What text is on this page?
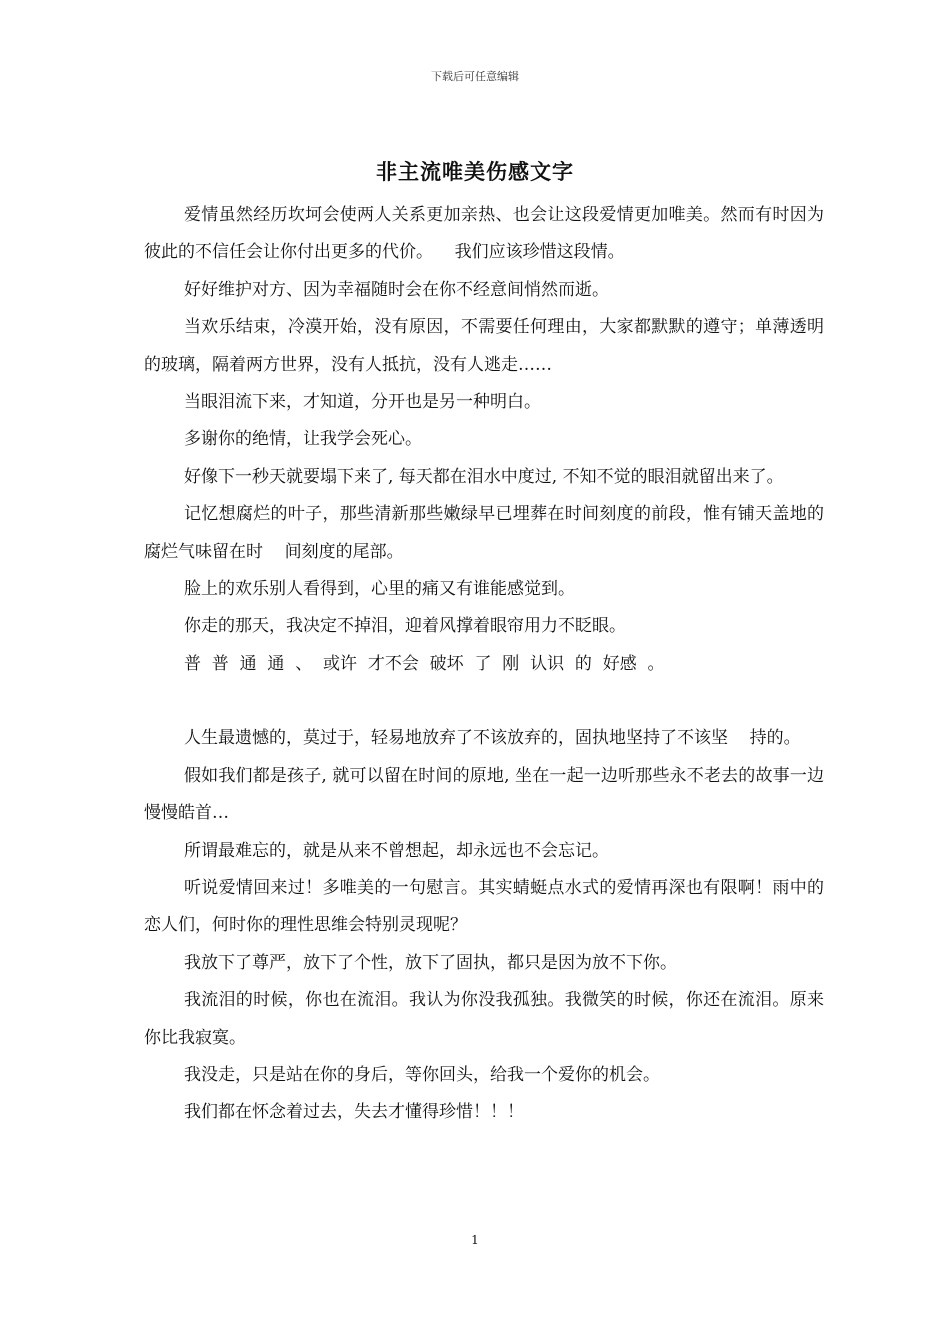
下载后可任意编辑
非主流唯美伤感文字

爱情虽然经历坎坷会使两人关系更加亲热、也会让这段爱情更加唯美。然而有时因为彼此的不信任会让你付出更多的代价。    我们应该珍惜这段情。

好好维护对方、因为幸福随时会在你不经意间悄然而逝。

当欢乐结束，冷漠开始，没有原因，不需要任何理由，大家都默默的遵守；单薄透明的玻璃，隔着两方世界，没有人抵抗，没有人逃走……

当眼泪流下来，才知道，分开也是另一种明白。

多谢你的绝情，让我学会死心。

好像下一秒天就要塌下来了, 每天都在泪水中度过, 不知不觉的眼泪就留出来了。

记忆想腐烂的叶子，那些清新那些嫩绿早已埋葬在时间刻度的前段，惟有铺天盖地的腐烂气味留在时    间刻度的尾部。

脸上的欢乐别人看得到，心里的痛又有谁能感觉到。

你走的那天，我决定不掉泪，迎着风撑着眼帘用力不眨眼。

普  普  通  通  、  或许  才不会  破坏  了  刚  认识  的  好感  。

人生最遗憾的，莫过于，轻易地放弃了不该放弃的，固执地坚持了不该坚    持的。

假如我们都是孩子, 就可以留在时间的原地, 坐在一起一边听那些永不老去的故事一边慢慢皓首…

所谓最难忘的，就是从来不曾想起，却永远也不会忘记。

听说爱情回来过！多唯美的一句慰言。其实蜻蜓点水式的爱情再深也有限啊！雨中的恋人们，何时你的理性思维会特别灵现呢？

我放下了尊严，放下了个性，放下了固执，都只是因为放不下你。

我流泪的时候，你也在流泪。我认为你没我孤独。我微笑的时候，你还在流泪。原来你比我寂寞。

我没走，只是站在你的身后，等你回头，给我一个爱你的机会。

我们都在怀念着过去，失去才懂得珍惜！！！

1
